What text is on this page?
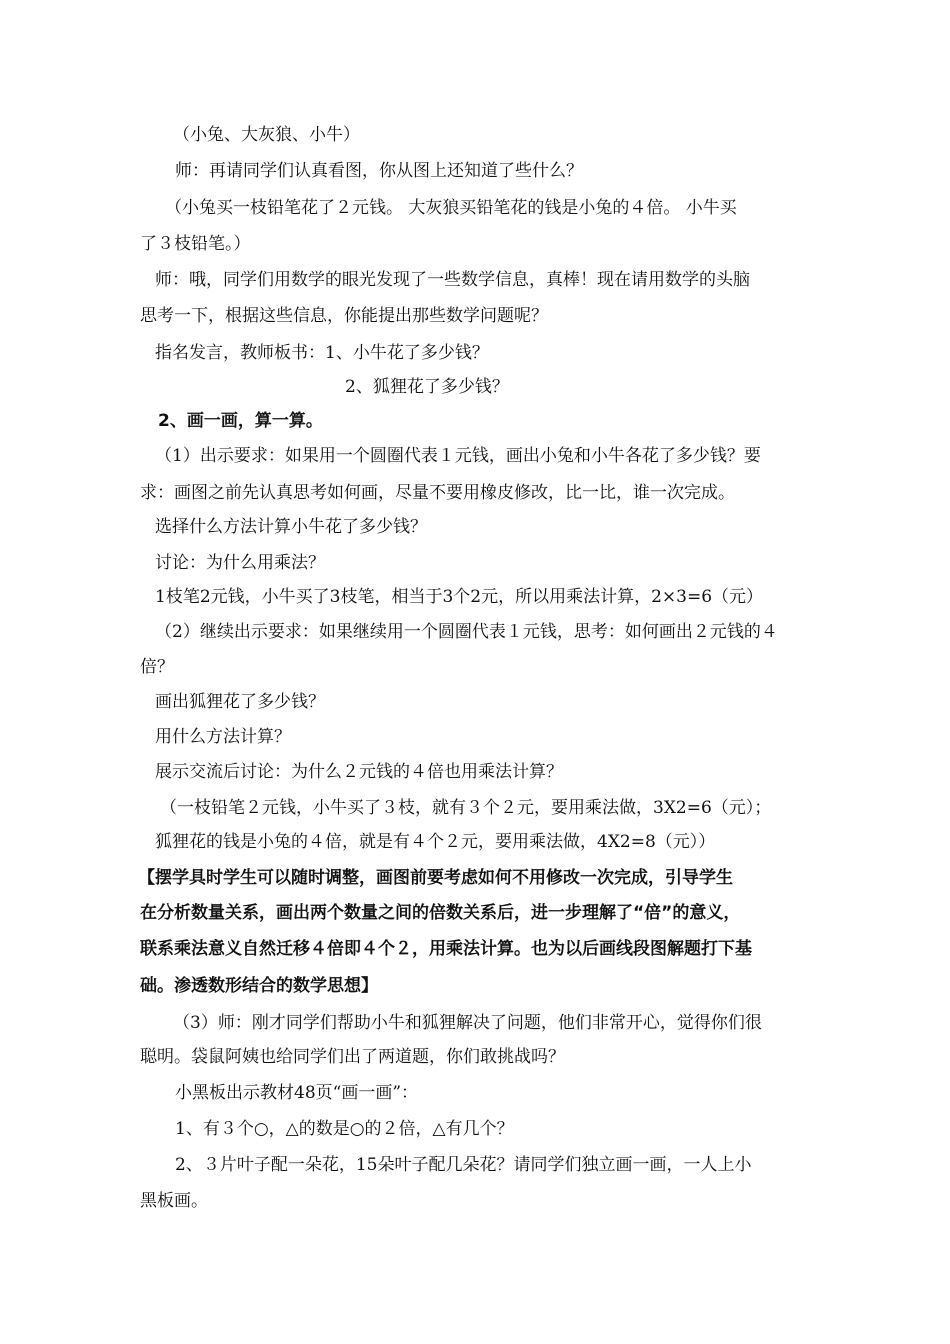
（小兔、大灰狼、小牛）
师：再请同学们认真看图，你从图上还知道了些什么？
（小兔买一枝铅笔花了２元钱。 大灰狼买铅笔花的钱是小兔的４倍。 小牛买
了３枝铅笔。）
师：哦，同学们用数学的眼光发现了一些数学信息，真棒！现在请用数学的头脑
思考一下，根据这些信息，你能提出那些数学问题呢？
指名发言，教师板书：1、小牛花了多少钱？
2、狐狸花了多少钱？
2、画一画，算一算。
（1）出示要求：如果用一个圆圈代表１元钱，画出小兔和小牛各花了多少钱？要
求：画图之前先认真思考如何画，尽量不要用橡皮修改，比一比，谁一次完成。
选择什么方法计算小牛花了多少钱？
讨论：为什么用乘法？
1枝笔2元钱，小牛买了3枝笔，相当于3个2元，所以用乘法计算，2×3=6（元）
（2）继续出示要求：如果继续用一个圆圈代表１元钱，思考：如何画出２元钱的４
倍？
画出狐狸花了多少钱？
用什么方法计算？
展示交流后讨论：为什么２元钱的４倍也用乘法计算？
（一枝铅笔２元钱，小牛买了３枝，就有３个２元，要用乘法做，3X2=6（元）；
狐狸花的钱是小兔的４倍，就是有４个２元，要用乘法做，4X2=8（元））
【摆学具时学生可以随时调整，画图前要考虑如何不用修改一次完成，引导学生
在分析数量关系，画出两个数量之间的倍数关系后，进一步理解了“倍”的意义，
联系乘法意义自然迁移４倍即４个２，用乘法计算。也为以后画线段图解题打下基
础。渗透数形结合的数学思想】
（3）师：刚才同学们帮助小牛和狐狸解决了问题，他们非常开心，觉得你们很
聪明。袋鼠阿姨也给同学们出了两道题，你们敢挑战吗？
小黑板出示教材48页“画一画”：
1、有３个○，△的数是○的２倍，△有几个？
2、３片叶子配一朵花，15朵叶子配几朵花？请同学们独立画一画，一人上小
黑板画。
